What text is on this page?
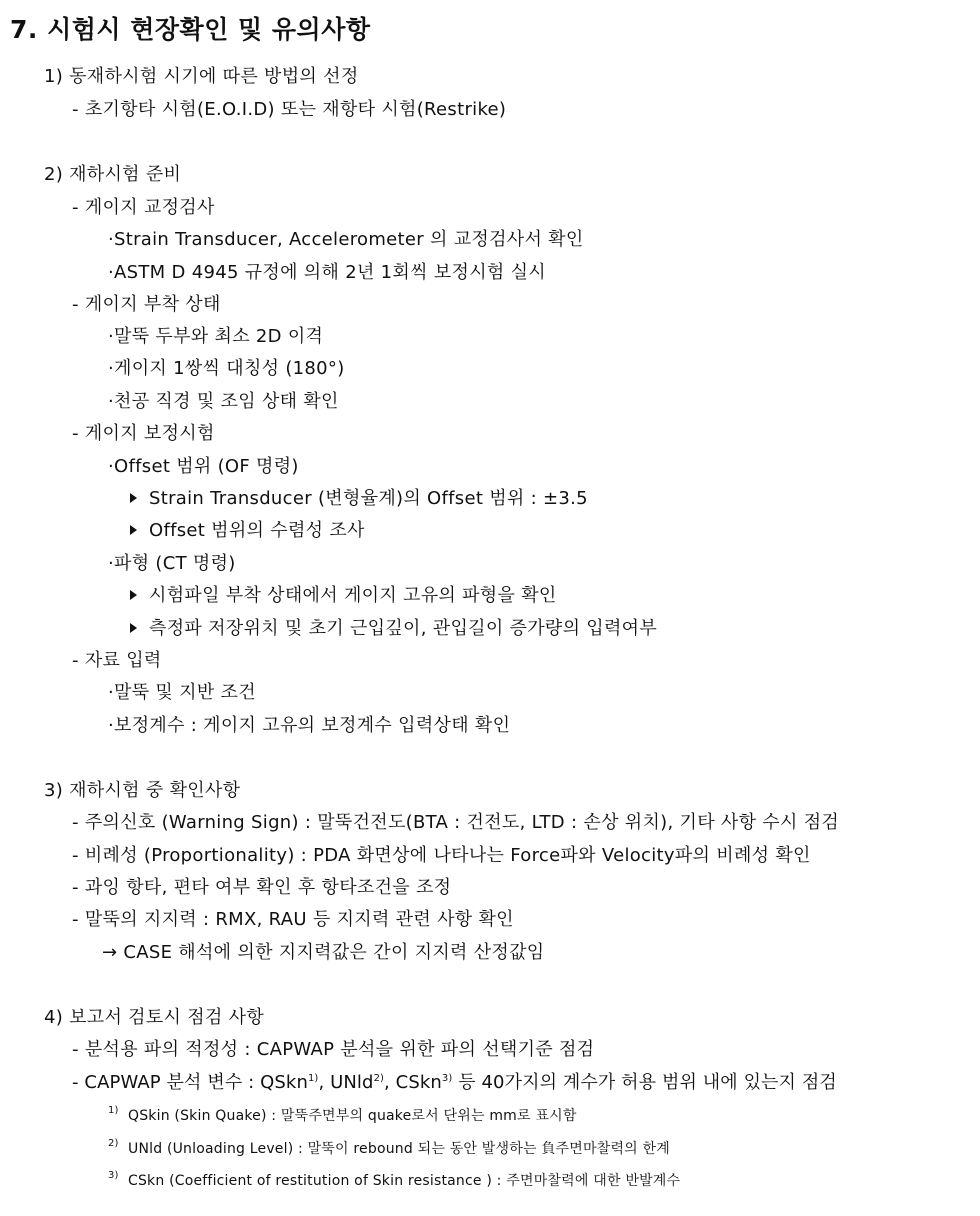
7. 시험시 현장확인 및 유의사항
1) 동재하시험 시기에 따른 방법의 선정
- 초기항타 시험(E.O.I.D) 또는 재항타 시험(Restrike)
2) 재하시험 준비
- 게이지 교정검사
·Strain Transducer, Accelerometer 의 교정검사서 확인
·ASTM D 4945 규정에 의해 2년 1회씩 보정시험 실시
- 게이지 부착 상태
·말뚝 두부와 최소 2D 이격
·게이지 1쌍씩 대칭성 (180°)
·천공 직경 및 조임 상태 확인
- 게이지 보정시험
·Offset 범위 (OF 명령)
Strain Transducer (변형율계)의 Offset 범위 : ±3.5
Offset 범위의 수렴성 조사
·파형 (CT 명령)
시험파일 부착 상태에서 게이지 고유의 파형을 확인
측정파 저장위치 및 초기 근입깊이, 관입길이 증가량의 입력여부
- 자료 입력
·말뚝 및 지반 조건
·보정계수 : 게이지 고유의 보정계수 입력상태 확인
3) 재하시험 중 확인사항
- 주의신호 (Warning Sign) : 말뚝건전도(BTA : 건전도, LTD : 손상 위치), 기타 사항 수시 점검
- 비례성 (Proportionality) : PDA 화면상에 나타나는 Force파와 Velocity파의 비례성 확인
- 과잉 항타, 편타 여부 확인 후 항타조건을 조정
- 말뚝의 지지력 : RMX, RAU 등 지지력 관련 사항 확인
→ CASE 해석에 의한 지지력값은 간이 지지력 산정값임
4) 보고서 검토시 점검 사항
- 분석용 파의 적정성 : CAPWAP 분석을 위한 파의 선택기준 점검
- CAPWAP 분석 변수 : QSkn$^{1)}$, UNld$^{2)}$, CSkn$^{3)}$ 등 40가지의 계수가 허용 범위 내에 있는지 점검
$^{1)}$ QSkin (Skin Quake) : 말뚝주면부의 quake로서 단위는 mm로 표시함
$^{2)}$ UNld (Unloading Level) : 말뚝이 rebound 되는 동안 발생하는 負주면마찰력의 한계
$^{3)}$ CSkn (Coefficient of restitution of Skin resistance ) : 주면마찰력에 대한 반발계수
